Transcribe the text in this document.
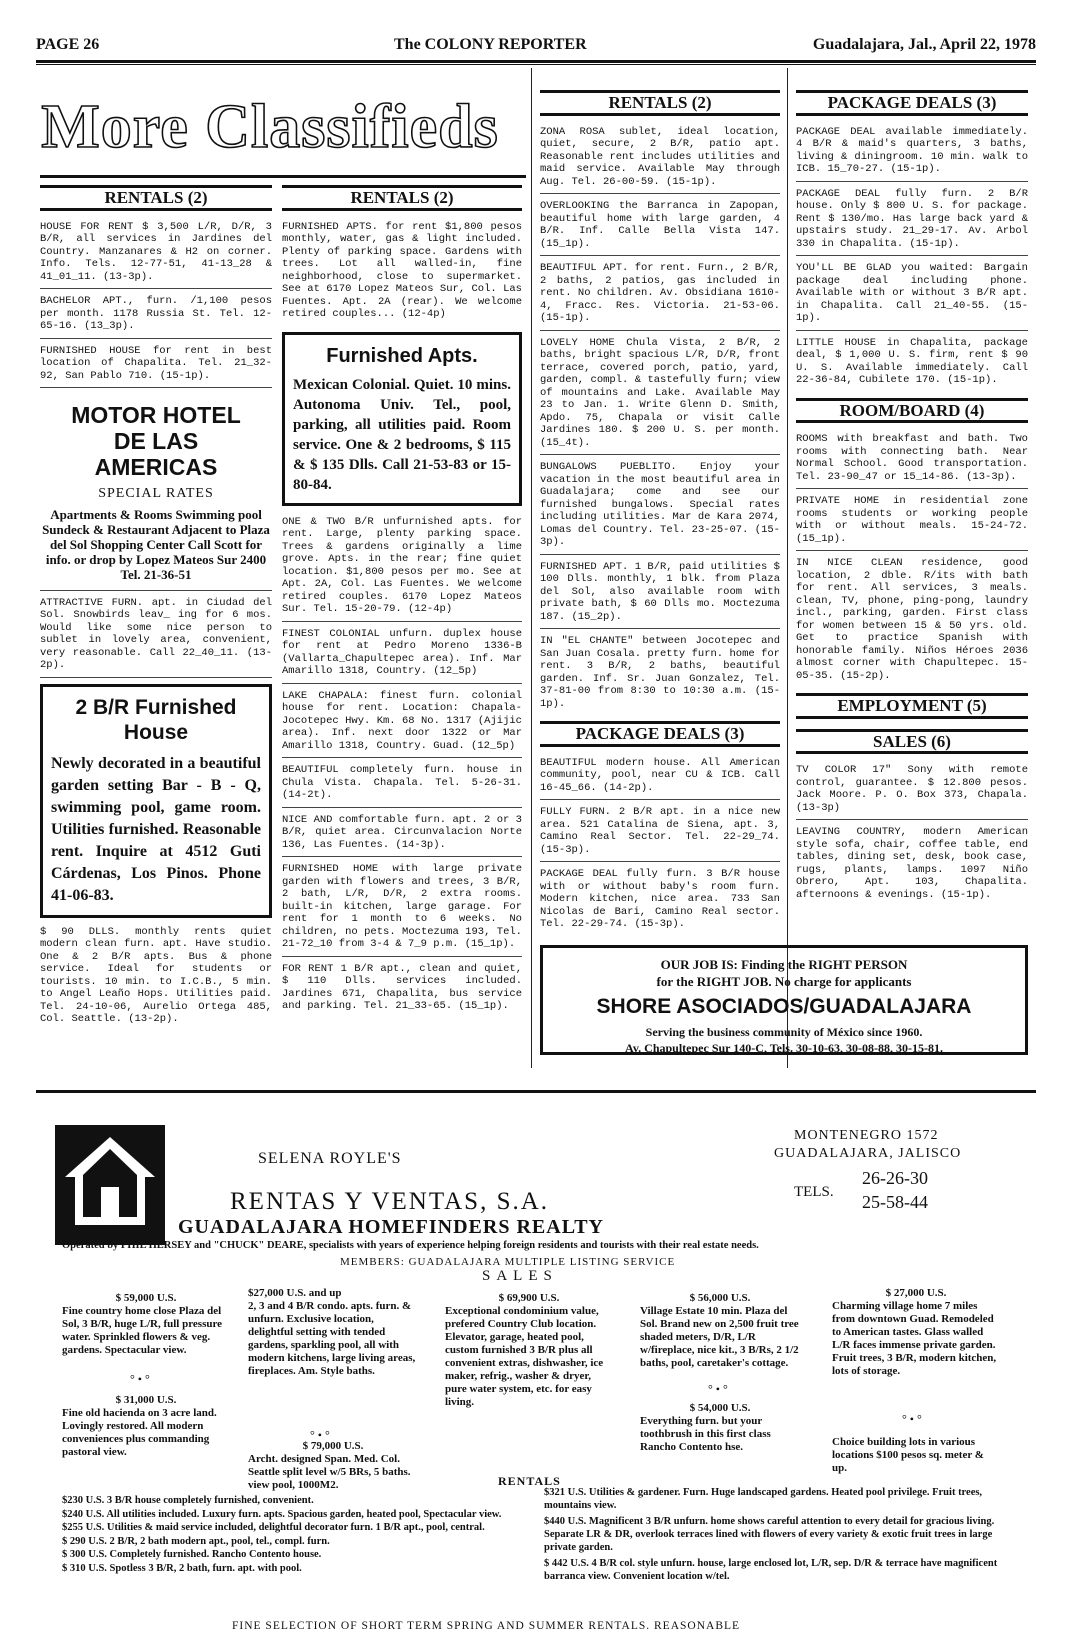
PAGE 26	The COLONY REPORTER	Guadalajara, Jal., April 22, 1978
More Classifieds
RENTALS (2)

HOUSE FOR RENT $ 3,500 L/R, D/R, 3 B/R, all services in Jardines del Country. Manzanares & H2 on corner. Info. Tels. 12-77-51, 41-13_28 & 41_01_11. (13-3p).

BACHELOR APT., furn. /1,100 pesos per month. 1178 Russia St. Tel. 12-65-16. (13_3p).

FURNISHED HOUSE for rent in best location of Chapalita. Tel. 21_32-92, San Pablo 710. (15-1p).

MOTOR HOTEL
DE LAS
AMERICAS
SPECIAL RATES
Apartments & Rooms Swimming pool Sundeck & Restaurant Adjacent to Plaza del Sol Shopping Center Call Scott for info. or drop by Lopez Mateos Sur 2400 Tel. 21-36-51

ATTRACTIVE FURN. apt. in Ciudad del Sol. Snowbirds leav_ ing for 6 mos. Would like some nice person to sublet in lovely area, convenient, very reasonable. Call 22_40_11. (13-2p).

2 B/R Furnished House
Newly decorated in a beautiful garden setting Bar - B - Q, swimming pool, game room. Utilities furnished. Reasonable rent. Inquire at 4512 Guti Cárdenas, Los Pinos. Phone 41-06-83.

$ 90 DLLS. monthly rents quiet modern clean furn. apt. Have studio. One & 2 B/R apts. Bus & phone service. Ideal for students or tourists. 10 min. to I.C.B., 5 min. to Angel Leaño Hops. Utilities paid. Tel. 24-10-06, Aurelio Ortega 485, Col. Seattle. (13-2p).

RENTALS (2)

FURNISHED APTS. for rent $1,800 pesos monthly, water, gas & light included. Plenty of parking space. Gardens with trees. Lot all walled-in, fine neighborhood, close to supermarket. See at 6170 Lopez Mateos Sur, Col. Las Fuentes. Apt. 2A (rear). We welcome retired couples... (12-4p)

Furnished Apts.
Mexican Colonial. Quiet. 10 mins. Autonoma Univ. Tel., pool, parking, all utilities paid. Room service. One & 2 bedrooms, $ 115 & $ 135 Dlls. Call 21-53-83 or 15-80-84.

ONE & TWO B/R unfurnished apts. for rent. Large, plenty parking space. Trees & gardens originally a lime grove. Apts. in the rear; fine quiet location. $1,800 pesos per mo. See at Apt. 2A, Col. Las Fuentes. We welcome retired couples. 6170 Lopez Mateos Sur. Tel. 15-20-79. (12-4p)

FINEST COLONIAL unfurn. duplex house for rent at Pedro Moreno 1336-B (Vallarta_Chapultepec area). Inf. Mar Amarillo 1318, Country. (12_5p)

LAKE CHAPALA: finest furn. colonial house for rent. Location: Chapala-Jocotepec Hwy. Km. 68 No. 1317 (Ajijic area). Inf. next door 1322 or Mar Amarillo 1318, Country. Guad. (12_5p)

BEAUTIFUL completely furn. house in Chula Vista. Chapala. Tel. 5-26-31. (14-2t).

NICE AND comfortable furn. apt. 2 or 3 B/R, quiet area. Circunvalacion Norte 136, Las Fuentes. (14-3p).

FURNISHED HOME with large private garden with flowers and trees, 3 B/R, 2 bath, L/R, D/R, 2 extra rooms. built-in kitchen, large garage. For rent for 1 month to 6 weeks. No children, no pets. Moctezuma 193, Tel. 21-72_10 from 3-4 & 7_9 p.m. (15_1p).

FOR RENT 1 B/R apt., clean and quiet, $ 110 Dlls. services included. Jardines 671, Chapalita, bus service and parking. Tel. 21_33-65. (15_1p).

RENTALS (2)

ZONA ROSA sublet, ideal location, quiet, secure, 2 B/R, patio apt. Reasonable rent includes utilities and maid service. Available May through Aug. Tel. 26-00-59. (15-1p).

OVERLOOKING the Barranca in Zapopan, beautiful home with large garden, 4 B/R. Inf. Calle Bella Vista 147. (15_1p).

BEAUTIFUL APT. for rent. Furn., 2 B/R, 2 baths, 2 patios, gas included in rent. No children. Av. Obsidiana 1610-4, Fracc. Res. Victoria. 21-53-06. (15-1p).

LOVELY HOME Chula Vista, 2 B/R, 2 baths, bright spacious L/R, D/R, front terrace, covered porch, patio, yard, garden, compl. & tastefully furn; view of mountains and Lake. Available May 23 to Jan. 1. Write Glenn D. Smith, Apdo. 75, Chapala or visit Calle Jardines 180. $ 200 U. S. per month. (15_4t).

BUNGALOWS PUEBLITO. Enjoy your vacation in the most beautiful area in Guadalajara; come and see our furnished bungalows. Special rates including utilities. Mar de Kara 2074, Lomas del Country. Tel. 23-25-07. (15-3p).

FURNISHED APT. 1 B/R, paid utilities $ 100 Dlls. monthly, 1 blk. from Plaza del Sol, also available room with private bath, $ 60 Dlls mo. Moctezuma 187. (15_2p).

IN "EL CHANTE" between Jocotepec and San Juan Cosala. pretty furn. home for rent. 3 B/R, 2 baths, beautiful garden. Inf. Sr. Juan Gonzalez, Tel. 37-81-00 from 8:30 to 10:30 a.m. (15-1p).

PACKAGE DEALS (3)

BEAUTIFUL modern house. All American community, pool, near CU & ICB. Call 16-45_66. (14-2p).

FULLY FURN. 2 B/R apt. in a nice new area. 521 Catalina de Siena, apt. 3, Camino Real Sector. Tel. 22-29_74. (15-3p).

PACKAGE DEAL fully furn. 3 B/R house with or without baby's room furn. Modern kitchen, nice area. 733 San Nicolas de Bari, Camino Real sector. Tel. 22-29-74. (15-3p).

PACKAGE DEALS (3)

PACKAGE DEAL available immediately. 4 B/R & maid's quarters, 3 baths, living & diningroom. 10 min. walk to ICB. 15_70-27. (15-1p).

PACKAGE DEAL fully furn. 2 B/R house. Only $ 800 U. S. for package. Rent $ 130/mo. Has large back yard & upstairs study. 21_29-17. Av. Arbol 330 in Chapalita. (15-1p).

YOU'LL BE GLAD you waited: Bargain package deal including phone. Available with or without 3 B/R apt. in Chapalita. Call 21_40-55. (15-1p).

LITTLE HOUSE in Chapalita, package deal, $ 1,000 U. S. firm, rent $ 90 U. S. Available immediately. Call 22-36-84, Cubilete 170. (15-1p).

ROOM/BOARD (4)

ROOMS with breakfast and bath. Two rooms with connecting bath. Near Normal School. Good transportation. Tel. 23-90_47 or 15_14-86. (13-3p).

PRIVATE HOME in residential zone rooms students or working people with or without meals. 15-24-72. (15_1p).

IN NICE CLEAN residence, good location, 2 dble. R/its with bath for rent. All services, 3 meals. clean, TV, phone, ping-pong, laundry incl., parking, garden. First class for women between 15 & 50 yrs. old. Get to practice Spanish with honorable family. Niños Héroes 2036 almost corner with Chapultepec. 15-05-35. (15-2p).

EMPLOYMENT (5)
SALES (6)

TV COLOR 17" Sony with remote control, guarantee. $ 12.800 pesos. Jack Moore. P. O. Box 373, Chapala. (13-3p)

LEAVING COUNTRY, modern American style sofa, chair, coffee table, end tables, dining set, desk, book case, rugs, plants, lamps. 1097 Niño Obrero, Apt. 103, Chapalita. afternoons & evenings. (15-1p).

OUR JOB IS: Finding the RIGHT PERSON
for the RIGHT JOB. No charge for applicants
SHORE ASOCIADOS/GUADALAJARA
Serving the business community of México since 1960.
Av. Chapultepec Sur 140-C, Tels. 30-10-63, 30-08-88, 30-15-81.
SELENA ROYLE'S
RENTAS Y VENTAS, S.A.
GUADALAJARA HOMEFINDERS REALTY
Operated by PHIL HERSEY and "CHUCK" DEARE, specialists with years of experience helping foreign residents and tourists with their real estate needs.
MEMBERS: GUADALAJARA MULTIPLE LISTING SERVICE
MONTENEGRO 1572
GUADALAJARA, JALISCO
TELS.
26-26-30
25-58-44
SALES
$ 59,000 U.S.
Fine country home close Plaza del Sol, 3 B/R, huge L/R, full pressure water. Sprinkled flowers & veg. gardens. Spectacular view.
$27,000 U.S. and up
2, 3 and 4 B/R condo. apts. furn. & unfurn. Exclusive location, delightful setting with tended gardens, sparkling pool, all with modern kitchens, large living areas, fireplaces. Am. Style baths.
$ 69,900 U.S.
Exceptional condominium value, prefered Country Club location. Elevator, garage, heated pool, custom furnished 3 B/R plus all convenient extras, dishwasher, ice maker, refrig., washer & dryer, pure water system, etc. for easy living.
$ 56,000 U.S.
Village Estate 10 min. Plaza del Sol. Brand new on 2,500 fruit tree shaded meters, D/R, L/R w/fireplace, nice kit., 3 B/Rs, 2 1/2 baths, pool, caretaker's cottage.
$ 27,000 U.S.
Charming village home 7 miles from downtown Guad. Remodeled to American tastes. Glass walled L/R faces immense private garden. Fruit trees, 3 B/R, modern kitchen, lots of storage.
° • °
° • °
° • °
° • °
$ 31,000 U.S.
Fine old hacienda on 3 acre land. Lovingly restored. All modern conveniences plus commanding pastoral view.	$ 79,000 U.S.
Archt. designed Span. Med. Col. Seattle split level w/5 BRs, 5 baths. view pool, 1000M2.
$ 54,000 U.S.
Everything furn. but your toothbrush in this first class Rancho Contento hse.	Choice building lots in various locations $100 pesos sq. meter & up.
RENTALS
$230 U.S. 3 B/R house completely furnished, convenient.
$240 U.S. All utilities included. Luxury furn. apts. Spacious garden, heated pool, Spectacular view.
$255 U.S. Utilities & maid service included, delightful decorator furn. 1 B/R apt., pool, central.
$ 290 U.S. 2 B/R, 2 bath modern apt., pool, tel., compl. furn.
$ 300 U.S. Completely furnished. Rancho Contento house.
$ 310 U.S. Spotless 3 B/R, 2 bath, furn. apt. with pool.
$321 U.S. Utilities & gardener. Furn. Huge landscaped gardens. Heated pool privilege. Fruit trees, mountains view.
$440 U.S. Magnificent 3 B/R unfurn. home shows careful attention to every detail for gracious living. Separate LR & DR, overlook terraces lined with flowers of every variety & exotic fruit trees in large private garden.
$ 442 U.S. 4 B/R col. style unfurn. house, large enclosed lot, L/R, sep. D/R & terrace have magnificent barranca view. Convenient location w/tel.
FINE SELECTION OF SHORT TERM SPRING AND SUMMER RENTALS. REASONABLE
